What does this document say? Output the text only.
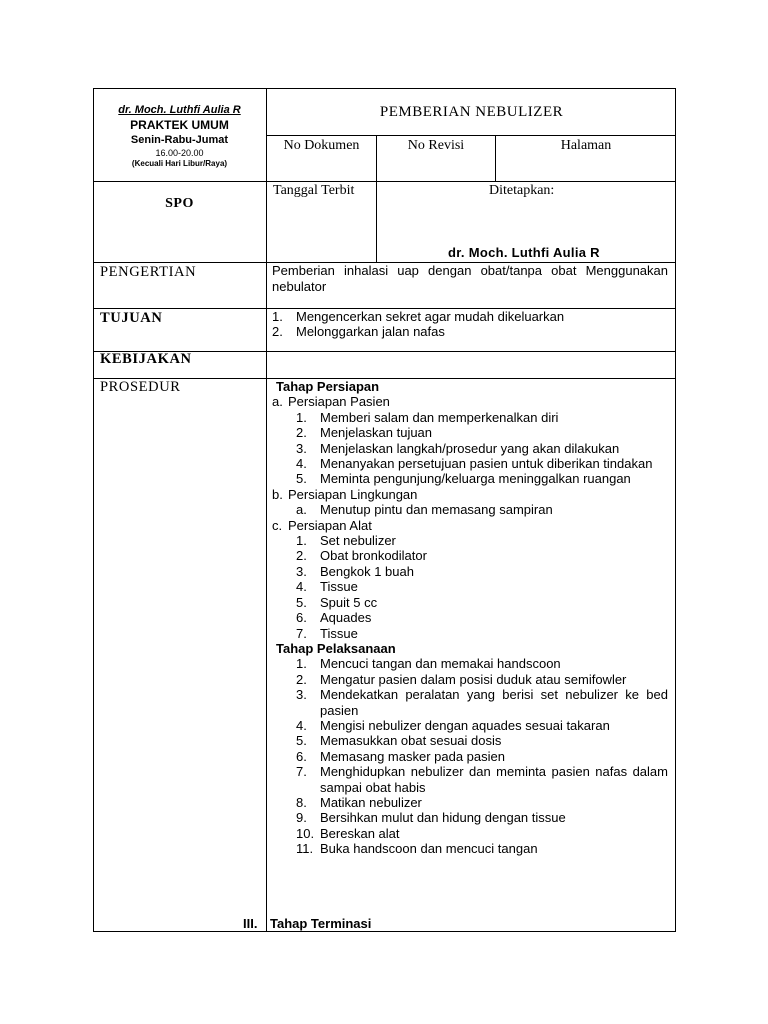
dr. Moch. Luthfi Aulia R
PRAKTEK UMUM
Senin-Rabu-Jumat
16.00-20.00
(Kecuali Hari Libur/Raya)
PEMBERIAN NEBULIZER
No Dokumen	No Revisi	Halaman
SPO
Tanggal Terbit	Ditetapkan:
dr. Moch. Luthfi Aulia R
PENGERTIAN	Pemberian inhalasi uap dengan obat/tanpa obat Menggunakan nebulator
TUJUAN	1.	Mengencerkan sekret agar mudah dikeluarkan
2.	Melonggarkan jalan nafas
KEBIJAKAN
PROSEDUR	Tahap Persiapan
a. Persiapan Pasien
1.	Memberi salam dan memperkenalkan diri
2.	Menjelaskan tujuan
3.	Menjelaskan langkah/prosedur yang akan dilakukan
4.	Menanyakan persetujuan pasien untuk diberikan tindakan
5.	Meminta pengunjung/keluarga meninggalkan ruangan
b. Persiapan Lingkungan
a.	Menutup pintu dan memasang sampiran
c. Persiapan Alat
1.	Set nebulizer
2.	Obat bronkodilator
3.	Bengkok 1 buah
4.	Tissue
5.	Spuit 5 cc
6.	Aquades
7.	Tissue
Tahap Pelaksanaan
1.	Mencuci tangan dan memakai handscoon
2.	Mengatur pasien dalam posisi duduk atau semifowler
3.	Mendekatkan peralatan yang berisi set nebulizer ke bed pasien
4.	Mengisi nebulizer dengan aquades sesuai takaran
5.	Memasukkan obat sesuai dosis
6.	Memasang masker pada pasien
7.	Menghidupkan nebulizer dan meminta pasien nafas dalam sampai obat habis
8.	Matikan nebulizer
9.	Bersihkan mulut dan hidung dengan tissue
10. Bereskan alat
11. Buka handscoon dan mencuci tangan
III. Tahap Terminasi
